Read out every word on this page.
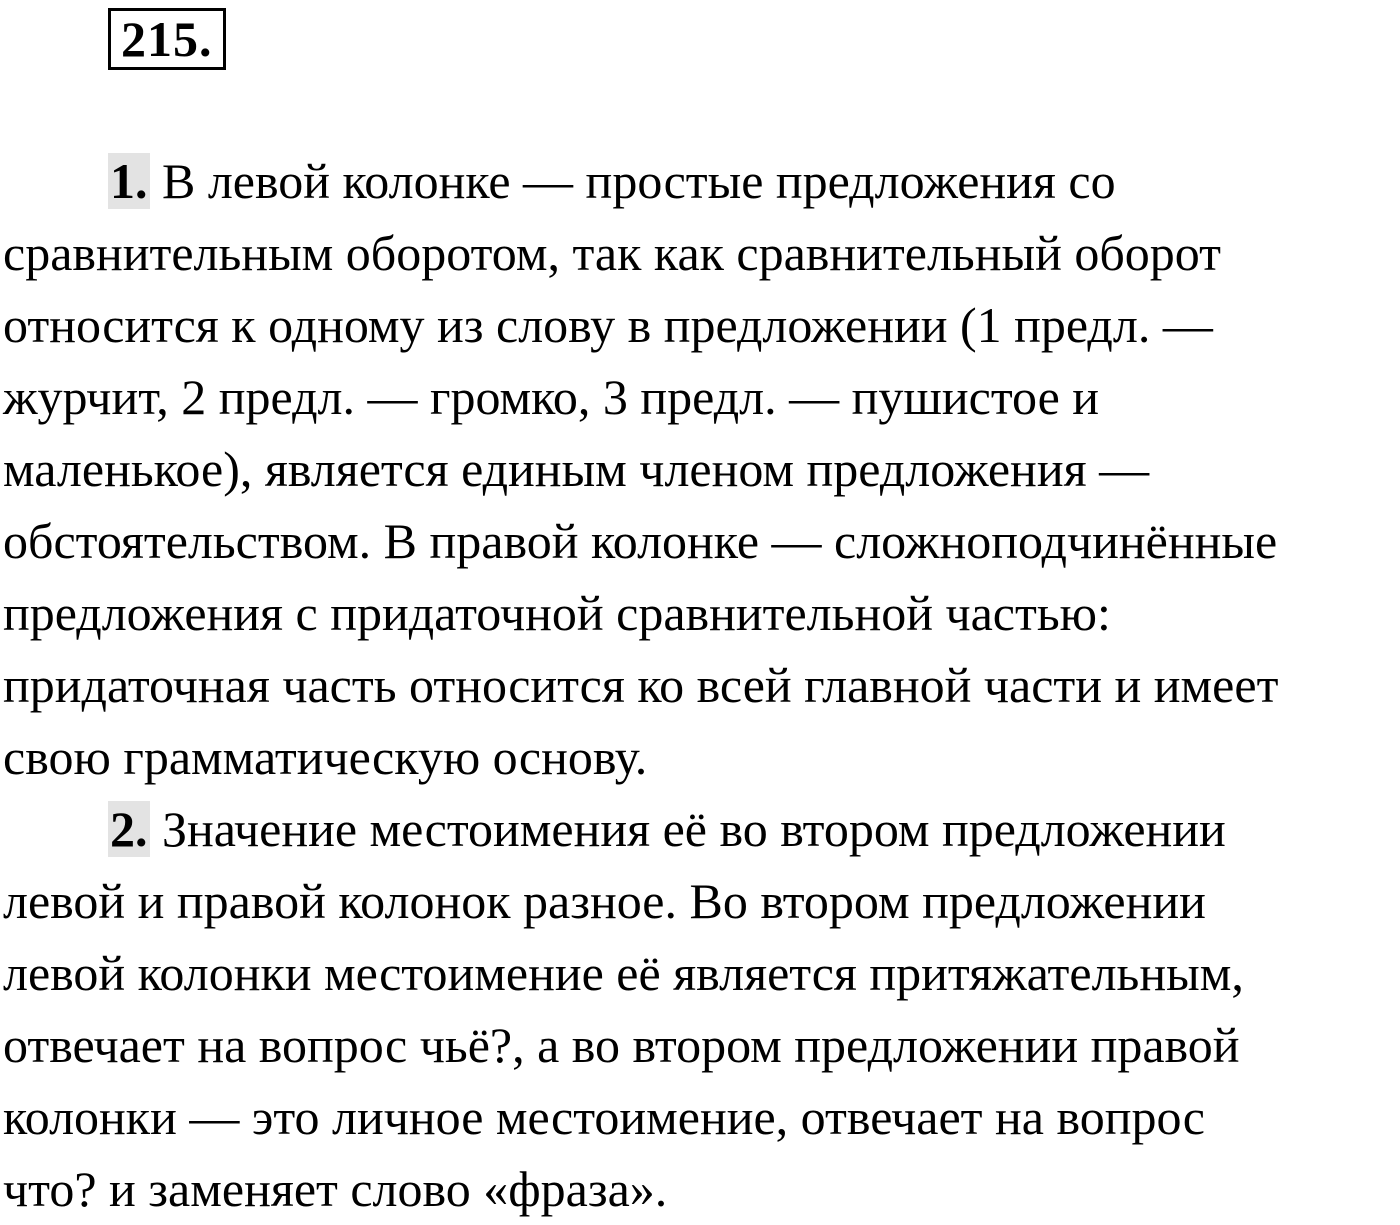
215.
1. В левой колонке — простые предложения со
сравнительным оборотом, так как сравнительный оборот
относится к одному из слову в предложении (1 предл. —
журчит, 2 предл. — громко, 3 предл. — пушистое и
маленькое), является единым членом предложения —
обстоятельством. В правой колонке — сложноподчинённые
предложения с придаточной сравнительной частью:
придаточная часть относится ко всей главной части и имеет
свою грамматическую основу.
2. Значение местоимения её во втором предложении
левой и правой колонок разное. Во втором предложении
левой колонки местоимение её является притяжательным,
отвечает на вопрос чьё?, а во втором предложении правой
колонки — это личное местоимение, отвечает на вопрос
что? и заменяет слово «фраза».
